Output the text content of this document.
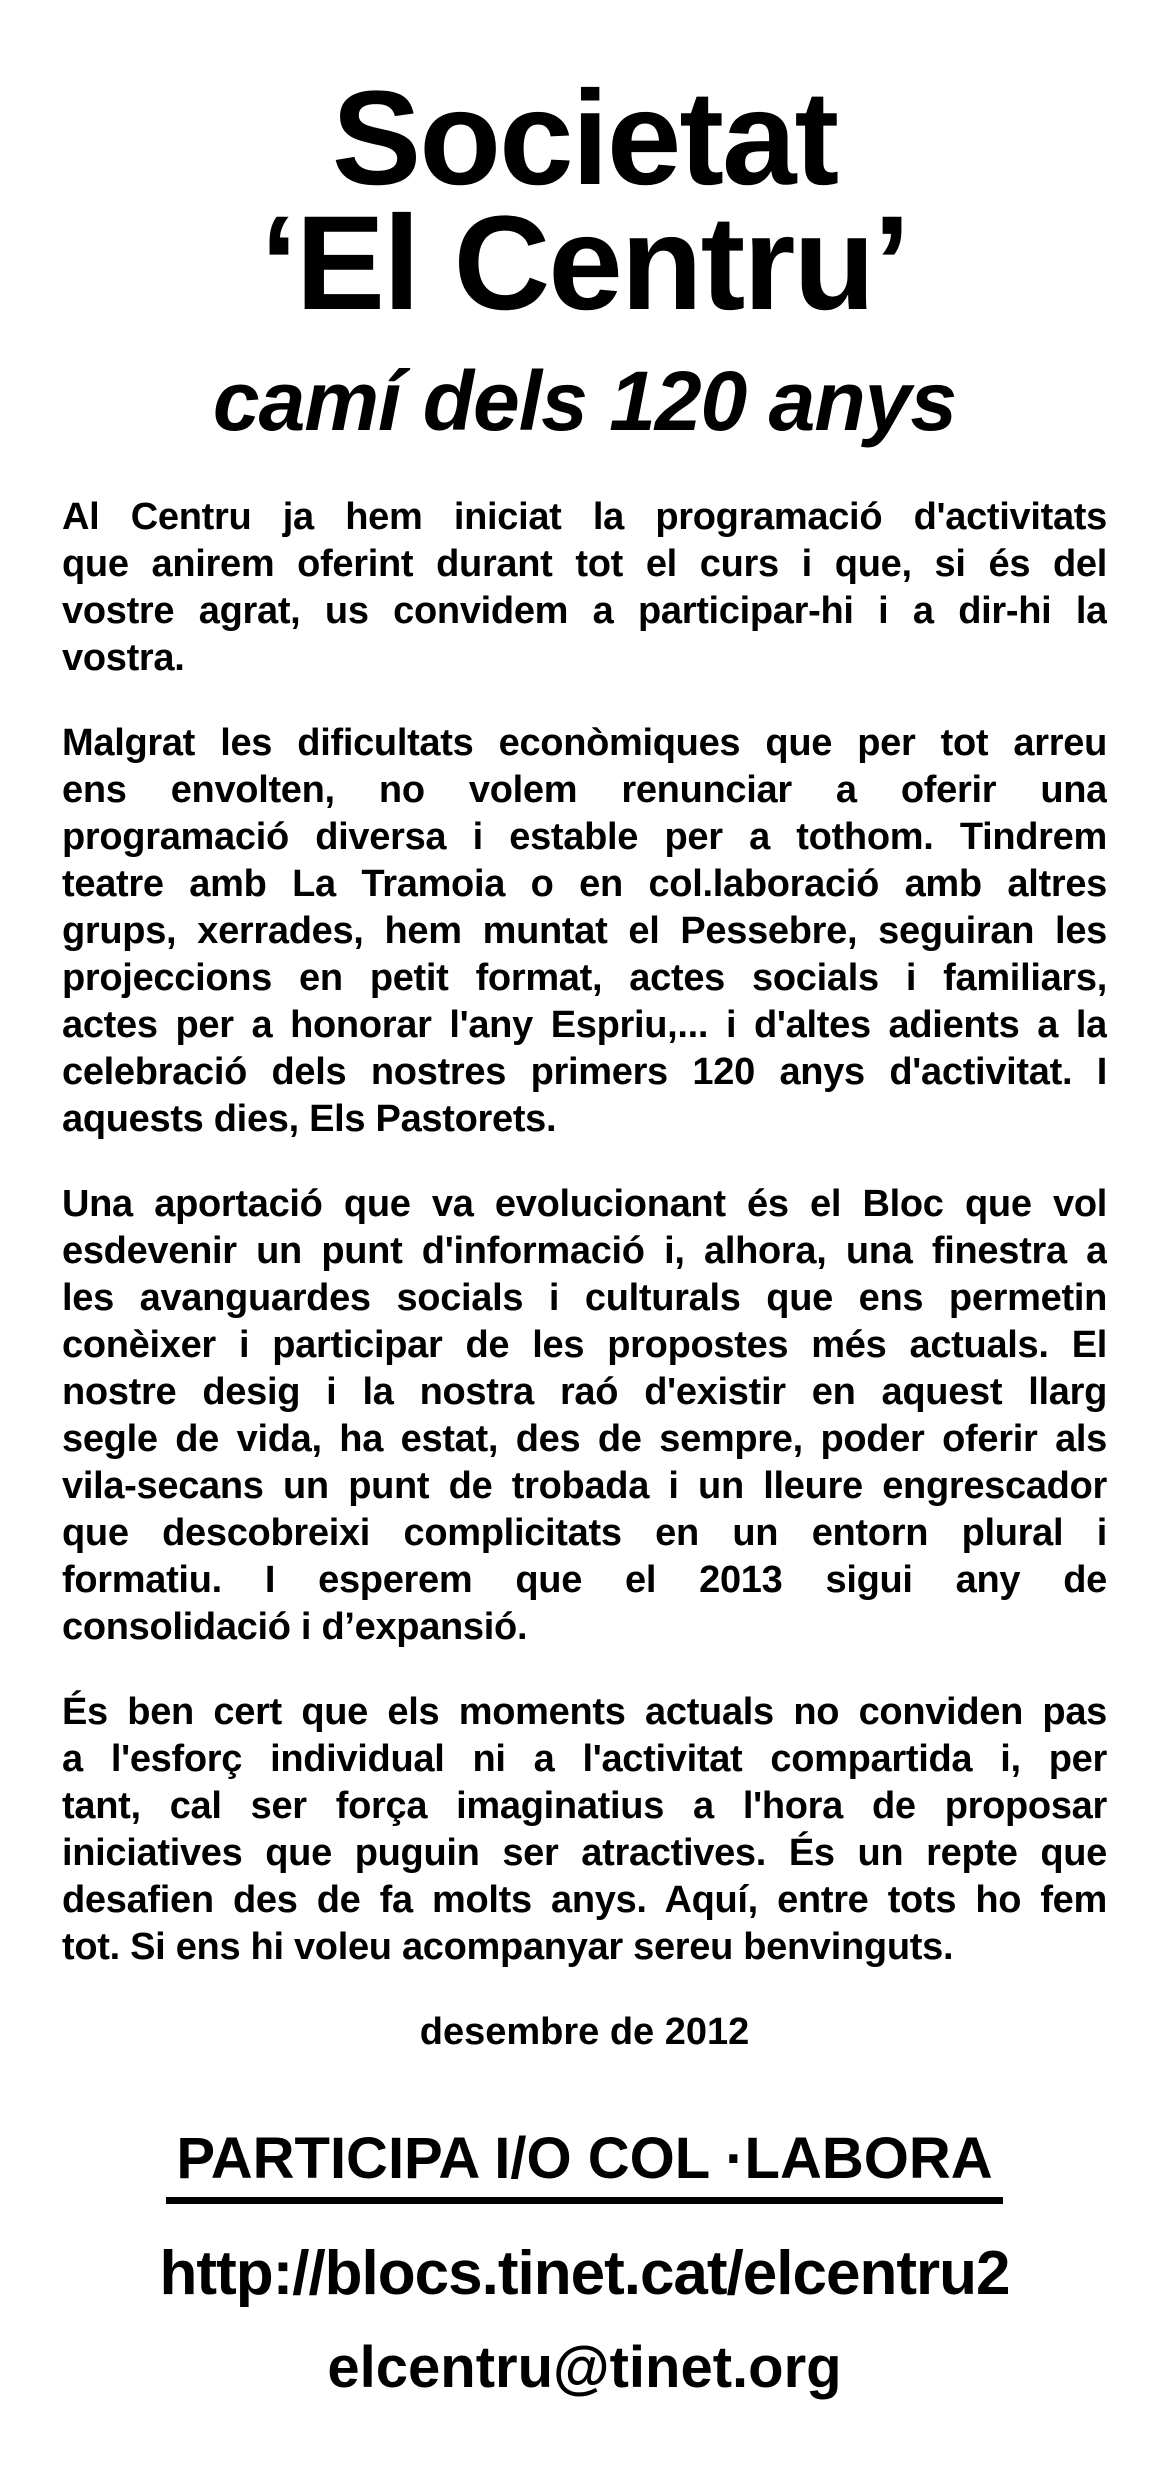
Societat
‘El Centru’
camí dels 120 anys
Al Centru ja hem iniciat la programació d'activitats
que anirem oferint durant tot el curs i que, si és del
vostre agrat, us convidem a participar-hi i a dir-hi la
vostra.
Malgrat les dificultats econòmiques que per tot arreu
ens envolten, no volem renunciar a oferir una
programació diversa i estable per a tothom. Tindrem
teatre amb La Tramoia o en col.laboració amb altres
grups, xerrades, hem muntat el Pessebre, seguiran les
projeccions en petit format, actes socials i familiars,
actes per a honorar l'any Espriu,... i d'altes adients a la
celebració dels nostres primers 120 anys d'activitat. I
aquests dies, Els Pastorets.
Una aportació que va evolucionant és el Bloc que vol
esdevenir un punt d'informació i, alhora, una finestra a
les avanguardes socials i culturals que ens permetin
conèixer i participar de les propostes més actuals. El
nostre desig i la nostra raó d'existir en aquest llarg
segle de vida, ha estat, des de sempre, poder oferir als
vila-secans un punt de trobada i un lleure engrescador
que descobreixi complicitats en un entorn plural i
formatiu. I esperem que el 2013 sigui any de
consolidació i d’expansió.
És ben cert que els moments actuals no conviden pas
a l'esforç individual ni a l'activitat compartida i, per
tant, cal ser força imaginatius a l'hora de proposar
iniciatives que puguin ser atractives. És un repte que
desafien des de fa molts anys. Aquí, entre tots ho fem
tot. Si ens hi voleu acompanyar sereu benvinguts.
desembre de 2012
PARTICIPA I/O COL ·LABORA
http://blocs.tinet.cat/elcentru2
elcentru@tinet.org
